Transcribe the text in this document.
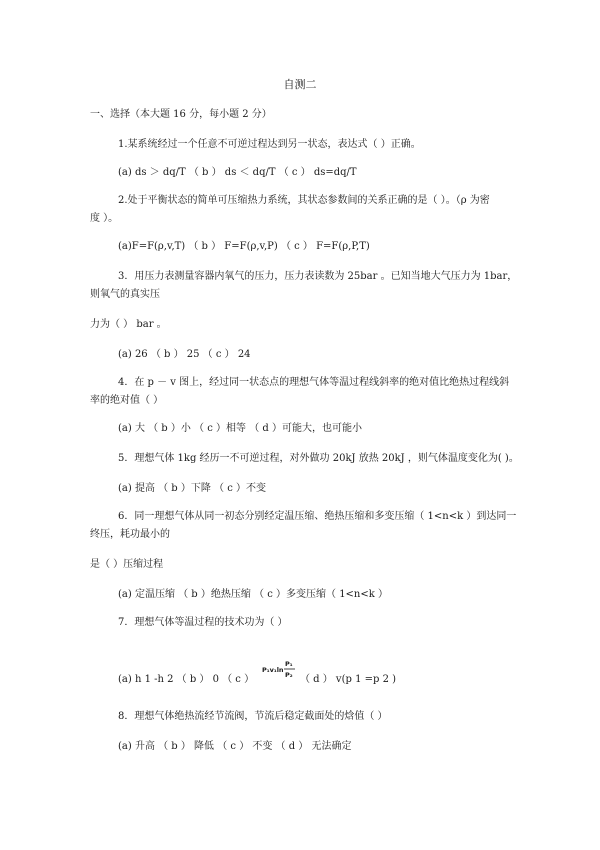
自测二
一、选择（本大题 16 分，每小题 2 分）
1.某系统经过一个任意不可逆过程达到另一状态，表达式（ ）正确。
(a) ds ＞ dq/T （ b ） ds ＜ dq/T （ c ） ds=dq/T
2.处于平衡状态的简单可压缩热力系统，其状态参数间的关系正确的是（ ）。（ρ 为密
度 ）。
(a)F=F(ρ,v,T) （ b ） F=F(ρ,v,P) （ c ） F=F(ρ,P,T)
3．用压力表测量容器内氧气的压力，压力表读数为 25bar 。已知当地大气压力为 1bar，
则氧气的真实压
力为（ ） bar 。
(a) 26 （ b ） 25 （ c ） 24
4．在 p － v 图上，经过同一状态点的理想气体等温过程线斜率的绝对值比绝热过程线斜
率的绝对值（ ）
(a) 大 （ b ）小 （ c ）相等 （ d ）可能大，也可能小
5．理想气体 1kg 经历一不可逆过程，对外做功 20kJ 放热 20kJ ，则气体温度变化为( )。
(a) 提高 （ b ）下降 （ c ）不变
6．同一理想气体从同一初态分别经定温压缩、绝热压缩和多变压缩（ 1<n<k ）到达同一
终压，耗功最小的
是（ ）压缩过程
(a) 定温压缩 （ b ）绝热压缩 （ c ）多变压缩（ 1<n<k ）
7．理想气体等温过程的技术功为（ ）
(a) h 1 -h 2 （ b ） 0 （ c ）
P₁v₁ln
P₁
P₂ （ d ） v(p 1 =p 2 )
8．理想气体绝热流经节流阀，节流后稳定截面处的焓值（ ）
(a) 升高 （ b ） 降低 （ c ） 不变 （ d ） 无法确定
